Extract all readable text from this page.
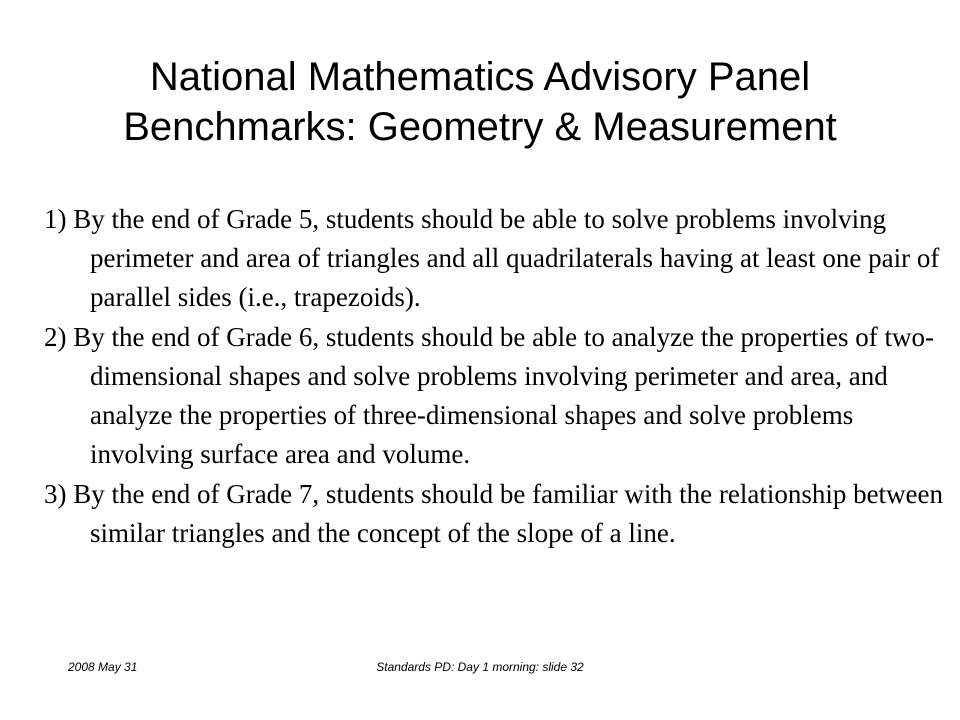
National Mathematics Advisory Panel
Benchmarks: Geometry & Measurement
1) By the end of Grade 5, students should be able to solve problems involving perimeter and area of triangles and all quadrilaterals having at least one pair of parallel sides (i.e., trapezoids).
2) By the end of Grade 6, students should be able to analyze the properties of two-dimensional shapes and solve problems involving perimeter and area, and analyze the properties of three-dimensional shapes and solve problems involving surface area and volume.
3) By the end of Grade 7, students should be familiar with the relationship between similar triangles and the concept of the slope of a line.
2008 May 31	Standards PD: Day 1 morning: slide 32
